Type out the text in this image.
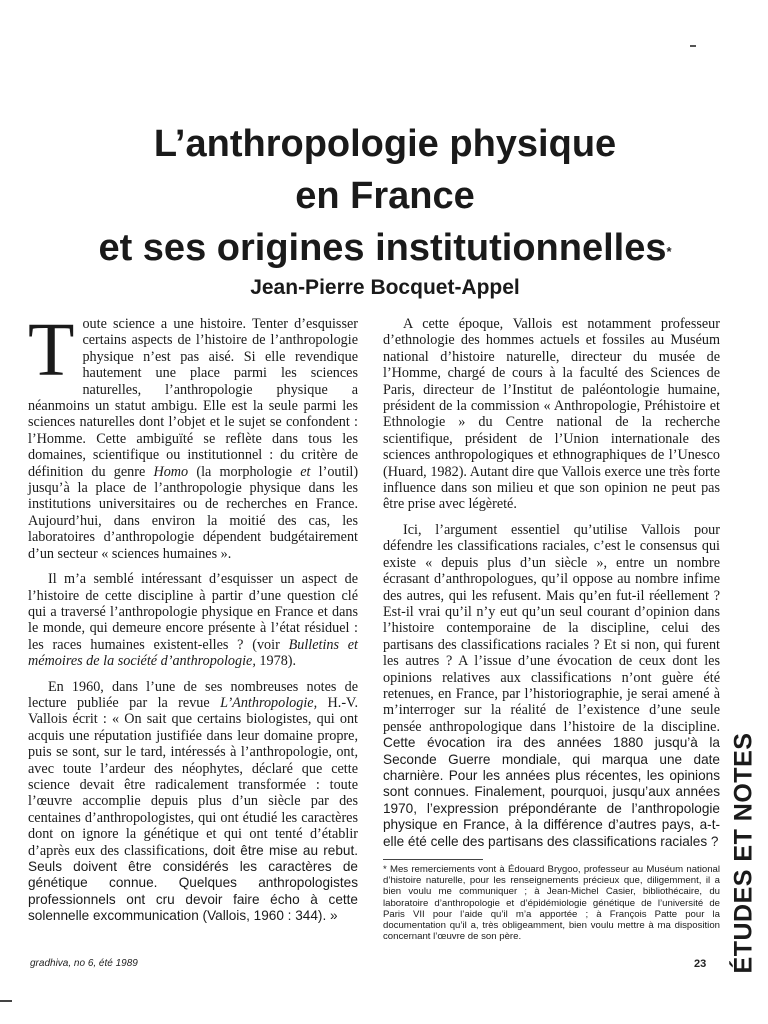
L’anthropologie physique
en France
et ses origines institutionnelles*
Jean-Pierre Bocquet-Appel

Toute science a une histoire. Tenter d’esquisser certains aspects de l’histoire de l’anthropologie physique n’est pas aisé. Si elle revendique hautement une place parmi les sciences naturelles, l’anthropologie physique a néanmoins un statut ambigu. Elle est la seule parmi les sciences naturelles dont l’objet et le sujet se confondent : l’Homme. Cette ambiguïté se reflète dans tous les domaines, scientifique ou institutionnel : du critère de définition du genre Homo (la morphologie et l’outil) jusqu’à la place de l’anthropologie physique dans les institutions universitaires ou de recherches en France. Aujourd’hui, dans environ la moitié des cas, les laboratoires d’anthropologie dépendent budgétairement d’un secteur « sciences humaines ».

Il m’a semblé intéressant d’esquisser un aspect de l’histoire de cette discipline à partir d’une question clé qui a traversé l’anthropologie physique en France et dans le monde, qui demeure encore présente à l’état résiduel : les races humaines existent-elles ? (voir Bulletins et mémoires de la société d’anthropologie, 1978).

En 1960, dans l’une de ses nombreuses notes de lecture publiée par la revue L’Anthropologie, H.-V. Vallois écrit : « On sait que certains biologistes, qui ont acquis une réputation justifiée dans leur domaine propre, puis se sont, sur le tard, intéressés à l’anthropologie, ont, avec toute l’ardeur des néophytes, déclaré que cette science devait être radicalement transformée : toute l’œuvre accomplie depuis plus d’un siècle par des centaines d’anthropologistes, qui ont étudié les caractères dont on ignore la génétique et qui ont tenté d’établir d’après eux des classifications, doit être mise au rebut. Seuls doivent être considérés les caractères de génétique connue. Quelques anthropologistes professionnels ont cru devoir faire écho à cette solennelle excommunication (Vallois, 1960 : 344). »

A cette époque, Vallois est notamment professeur d’ethnologie des hommes actuels et fossiles au Muséum national d’histoire naturelle, directeur du musée de l’Homme, chargé de cours à la faculté des Sciences de Paris, directeur de l’Institut de paléontologie humaine, président de la commission « Anthropologie, Préhistoire et Ethnologie » du Centre national de la recherche scientifique, président de l’Union internationale des sciences anthropologiques et ethnographiques de l’Unesco (Huard, 1982). Autant dire que Vallois exerce une très forte influence dans son milieu et que son opinion ne peut pas être prise avec légèreté.

Ici, l’argument essentiel qu’utilise Vallois pour défendre les classifications raciales, c’est le consensus qui existe « depuis plus d’un siècle », entre un nombre écrasant d’anthropologues, qu’il oppose au nombre infime des autres, qui les refusent. Mais qu’en fut-il réellement ? Est-il vrai qu’il n’y eut qu’un seul courant d’opinion dans l’histoire contemporaine de la discipline, celui des partisans des classifications raciales ? Et si non, qui furent les autres ? A l’issue d’une évocation de ceux dont les opinions relatives aux classifications n’ont guère été retenues, en France, par l’historiographie, je serai amené à m’interroger sur la réalité de l’existence d’une seule pensée anthropologique dans l’histoire de la discipline. Cette évocation ira des années 1880 jusqu’à la Seconde Guerre mondiale, qui marqua une date charnière. Pour les années plus récentes, les opinions sont connues. Finalement, pourquoi, jusqu’aux années 1970, l’expression prépondérante de l’anthropologie physique en France, à la différence d’autres pays, a-t-elle été celle des partisans des classifications raciales ?

* Mes remerciements vont à Édouard Brygoo, professeur au Muséum national d’histoire naturelle, pour les renseignements précieux que, diligemment, il a bien voulu me communiquer ; à Jean-Michel Casier, bibliothécaire, du laboratoire d’anthropologie et d’épidémiologie génétique de l’université de Paris VII pour l’aide qu’il m’a apportée ; à François Patte pour la documentation qu’il a, très obligeamment, bien voulu mettre à ma disposition concernant l’œuvre de son père.	ÉTUDES ET NOTES
gradhiva, no 6, été 1989	23
